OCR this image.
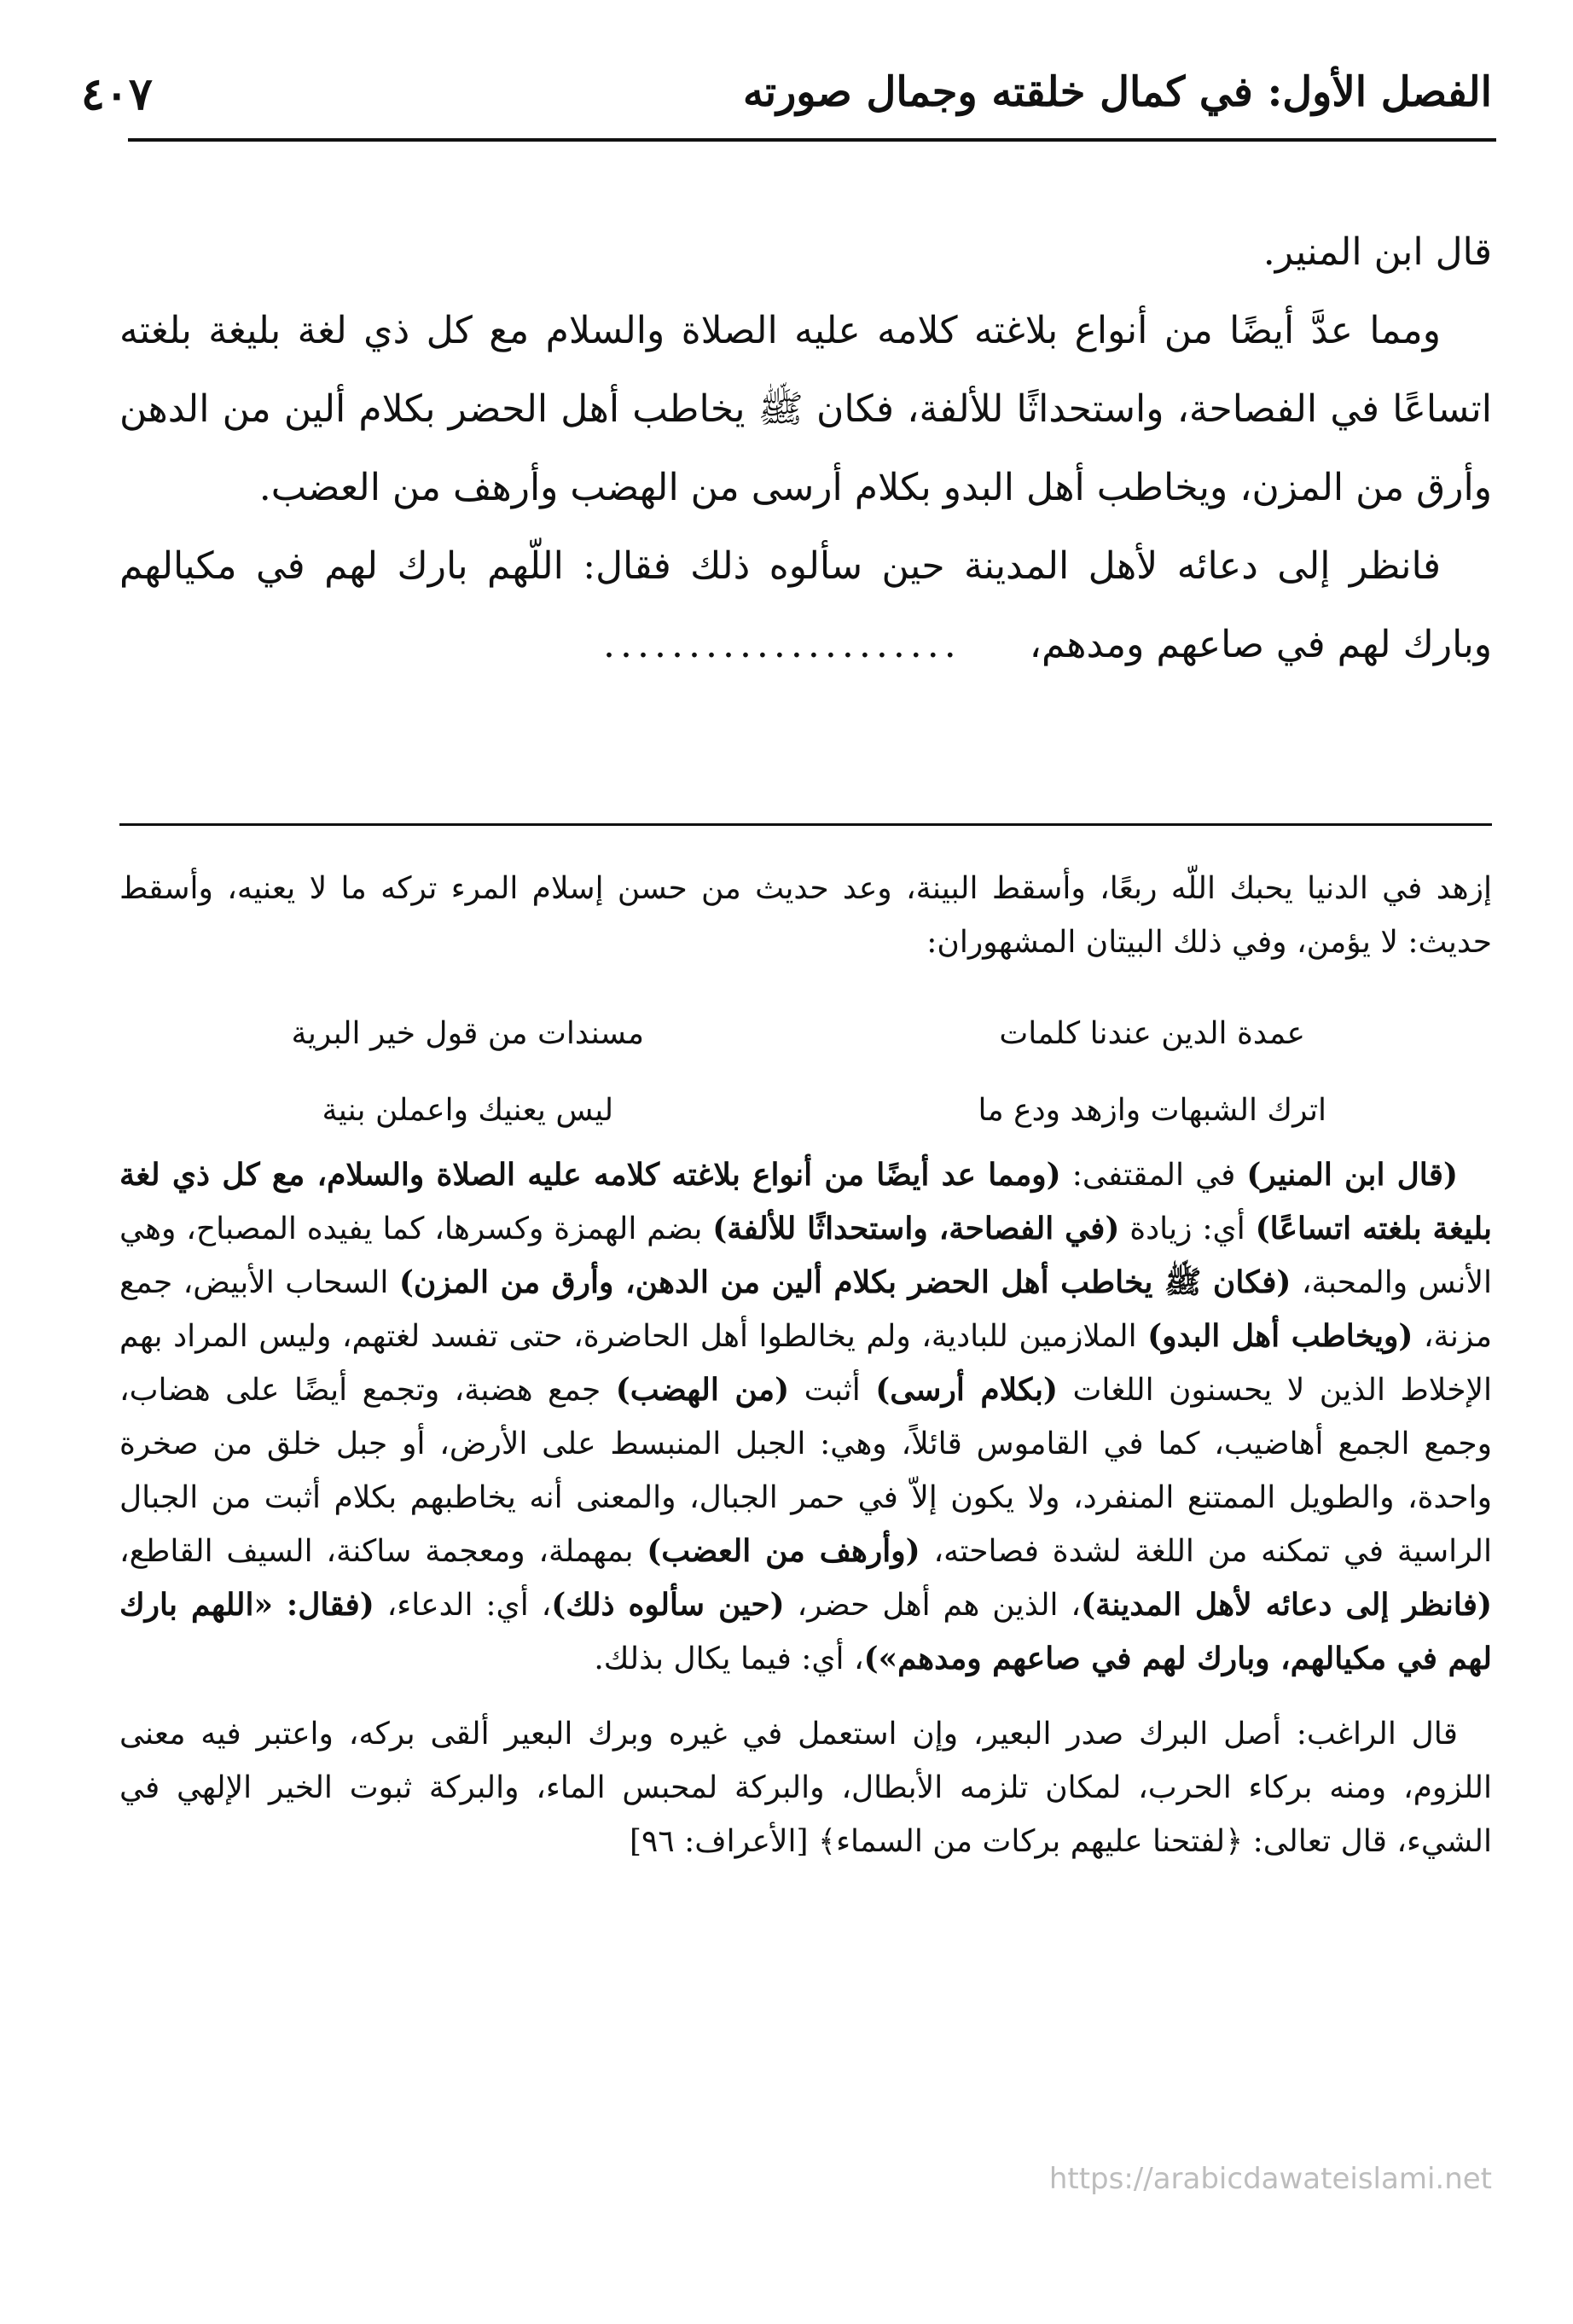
الفصل الأول: في كمال خلقته وجمال صورته
٤٠٧

قال ابن المنير.

ومما عدَّ أيضًا من أنواع بلاغته كلامه عليه الصلاة والسلام مع كل ذي لغة بليغة بلغته اتساعًا في الفصاحة، واستحداثًا للألفة، فكان ﷺ يخاطب أهل الحضر بكلام ألين من الدهن وأرق من المزن، ويخاطب أهل البدو بكلام أرسى من الهضب وأرهف من العضب.

فانظر إلى دعائه لأهل المدينة حين سألوه ذلك فقال: اللّهم بارك لهم في مكيالهم وبارك لهم في صاعهم ومدهم،.....................

إزهد في الدنيا يحبك اللّه ربعًا، وأسقط البينة، وعد حديث من حسن إسلام المرء تركه ما لا يعنيه، وأسقط حديث: لا يؤمن، وفي ذلك البيتان المشهوران:

عمدة الدين عندنا كلمات
مسندات من قول خير البرية
اترك الشبهات وازهد ودع ما
ليس يعنيك واعملن بنية

(قال ابن المنير) في المقتفى: (ومما عد أيضًا من أنواع بلاغته كلامه عليه الصلاة والسلام، مع كل ذي لغة بليغة بلغته اتساعًا) أي: زيادة (في الفصاحة، واستحداثًا للألفة) بضم الهمزة وكسرها، كما يفيده المصباح، وهي الأنس والمحبة، (فكان ﷺ يخاطب أهل الحضر بكلام ألين من الدهن، وأرق من المزن) السحاب الأبيض، جمع مزنة، (ويخاطب أهل البدو) الملازمين للبادية، ولم يخالطوا أهل الحاضرة، حتى تفسد لغتهم، وليس المراد بهم الإخلاط الذين لا يحسنون اللغات (بكلام أرسى) أثبت (من الهضب) جمع هضبة، وتجمع أيضًا على هضاب، وجمع الجمع أهاضيب، كما في القاموس قائلاً، وهي: الجبل المنبسط على الأرض، أو جبل خلق من صخرة واحدة، والطويل الممتنع المنفرد، ولا يكون إلاّ في حمر الجبال، والمعنى أنه يخاطبهم بكلام أثبت من الجبال الراسية في تمكنه من اللغة لشدة فصاحته، (وأرهف من العضب) بمهملة، ومعجمة ساكنة، السيف القاطع، (فانظر إلى دعائه لأهل المدينة)، الذين هم أهل حضر، (حين سألوه ذلك)، أي: الدعاء، (فقال: «اللهم بارك لهم في مكيالهم، وبارك لهم في صاعهم ومدهم»)، أي: فيما يكال بذلك.

قال الراغب: أصل البرك صدر البعير، وإن استعمل في غيره وبرك البعير ألقى بركه، واعتبر فيه معنى اللزوم، ومنه بركاء الحرب، لمكان تلزمه الأبطال، والبركة لمحبس الماء، والبركة ثبوت الخير الإلهي في الشيء، قال تعالى: ﴿لفتحنا عليهم بركات من السماء﴾ [الأعراف: ٩٦]

https://arabicdawateislami.net
